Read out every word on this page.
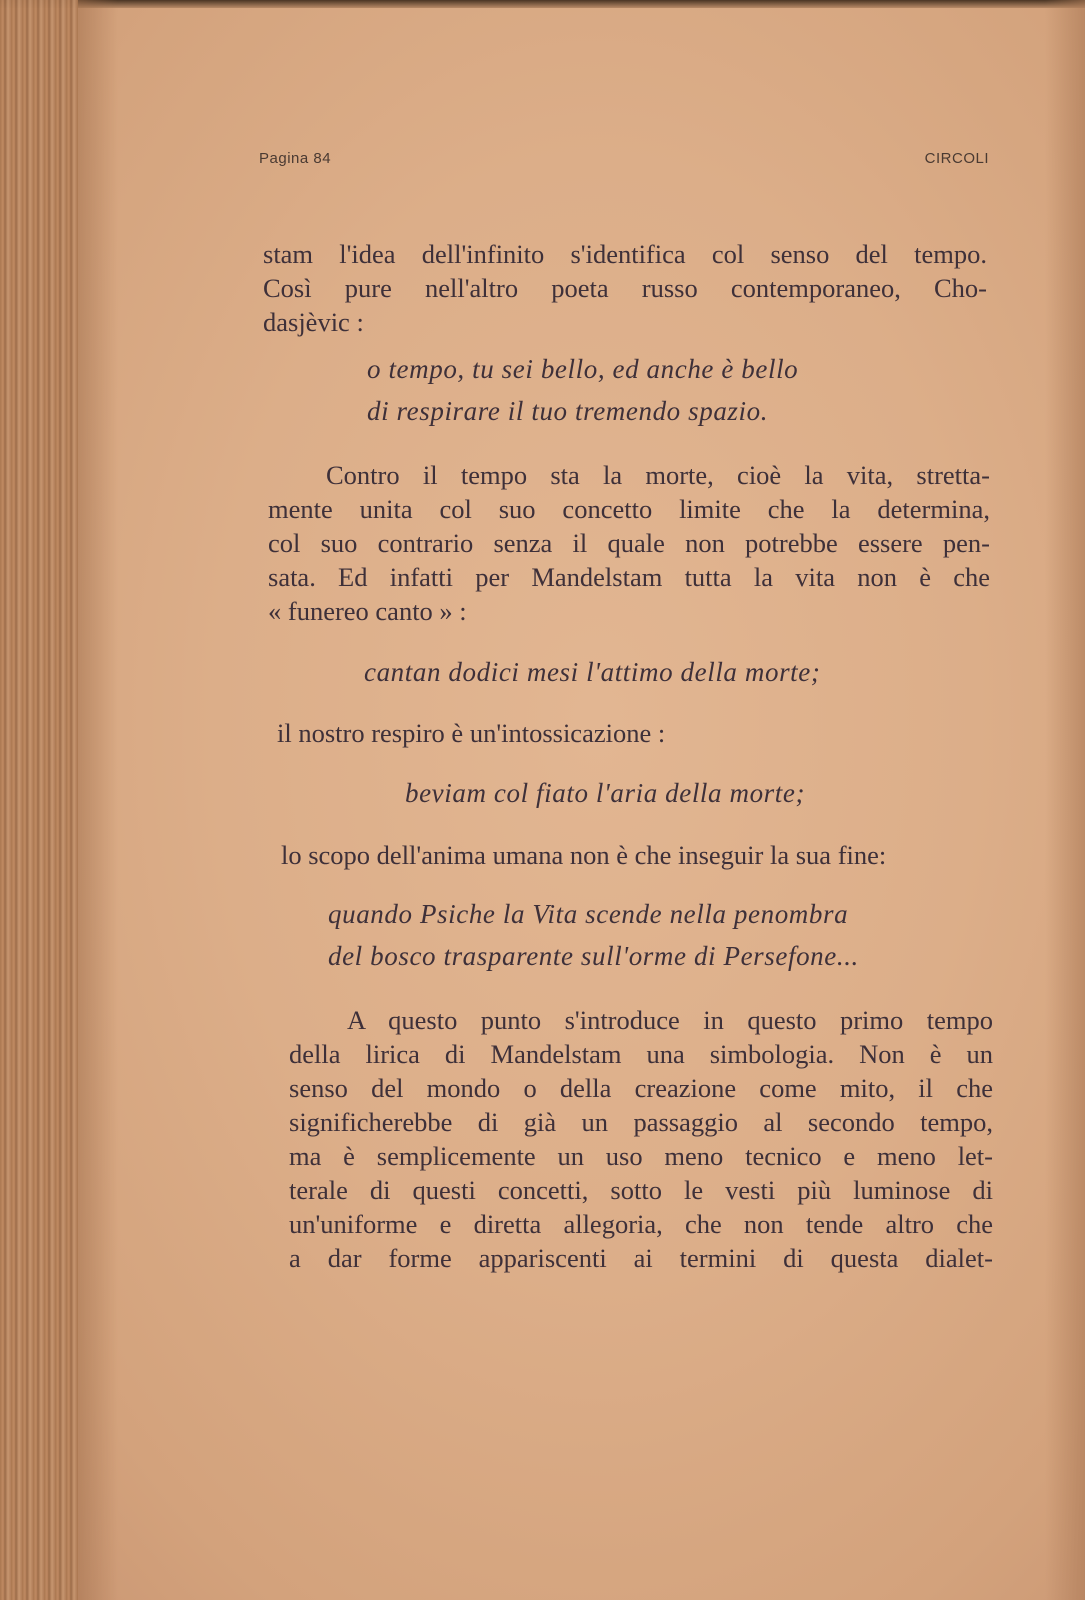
Pagina 84	CIRCOLI
stam l'idea dell'infinito s'identifica col senso del tempo.
Così pure nell'altro poeta russo contemporaneo, Cho-
dasjèvic :
o tempo, tu sei bello, ed anche è bello
di respirare il tuo tremendo spazio.
Contro il tempo sta la morte, cioè la vita, stretta-
mente unita col suo concetto limite che la determina,
col suo contrario senza il quale non potrebbe essere pen-
sata. Ed infatti per Mandelstam tutta la vita non è che
« funereo canto » :
cantan dodici mesi l'attimo della morte;
il nostro respiro è un'intossicazione :
beviam col fiato l'aria della morte;
lo scopo dell'anima umana non è che inseguir la sua fine:
quando Psiche la Vita scende nella penombra
del bosco trasparente sull'orme di Persefone...
A questo punto s'introduce in questo primo tempo
della lirica di Mandelstam una simbologia. Non è un
senso del mondo o della creazione come mito, il che
significherebbe di già un passaggio al secondo tempo,
ma è semplicemente un uso meno tecnico e meno let-
terale di questi concetti, sotto le vesti più luminose di
un'uniforme e diretta allegoria, che non tende altro che
a dar forme appariscenti ai termini di questa dialet-
